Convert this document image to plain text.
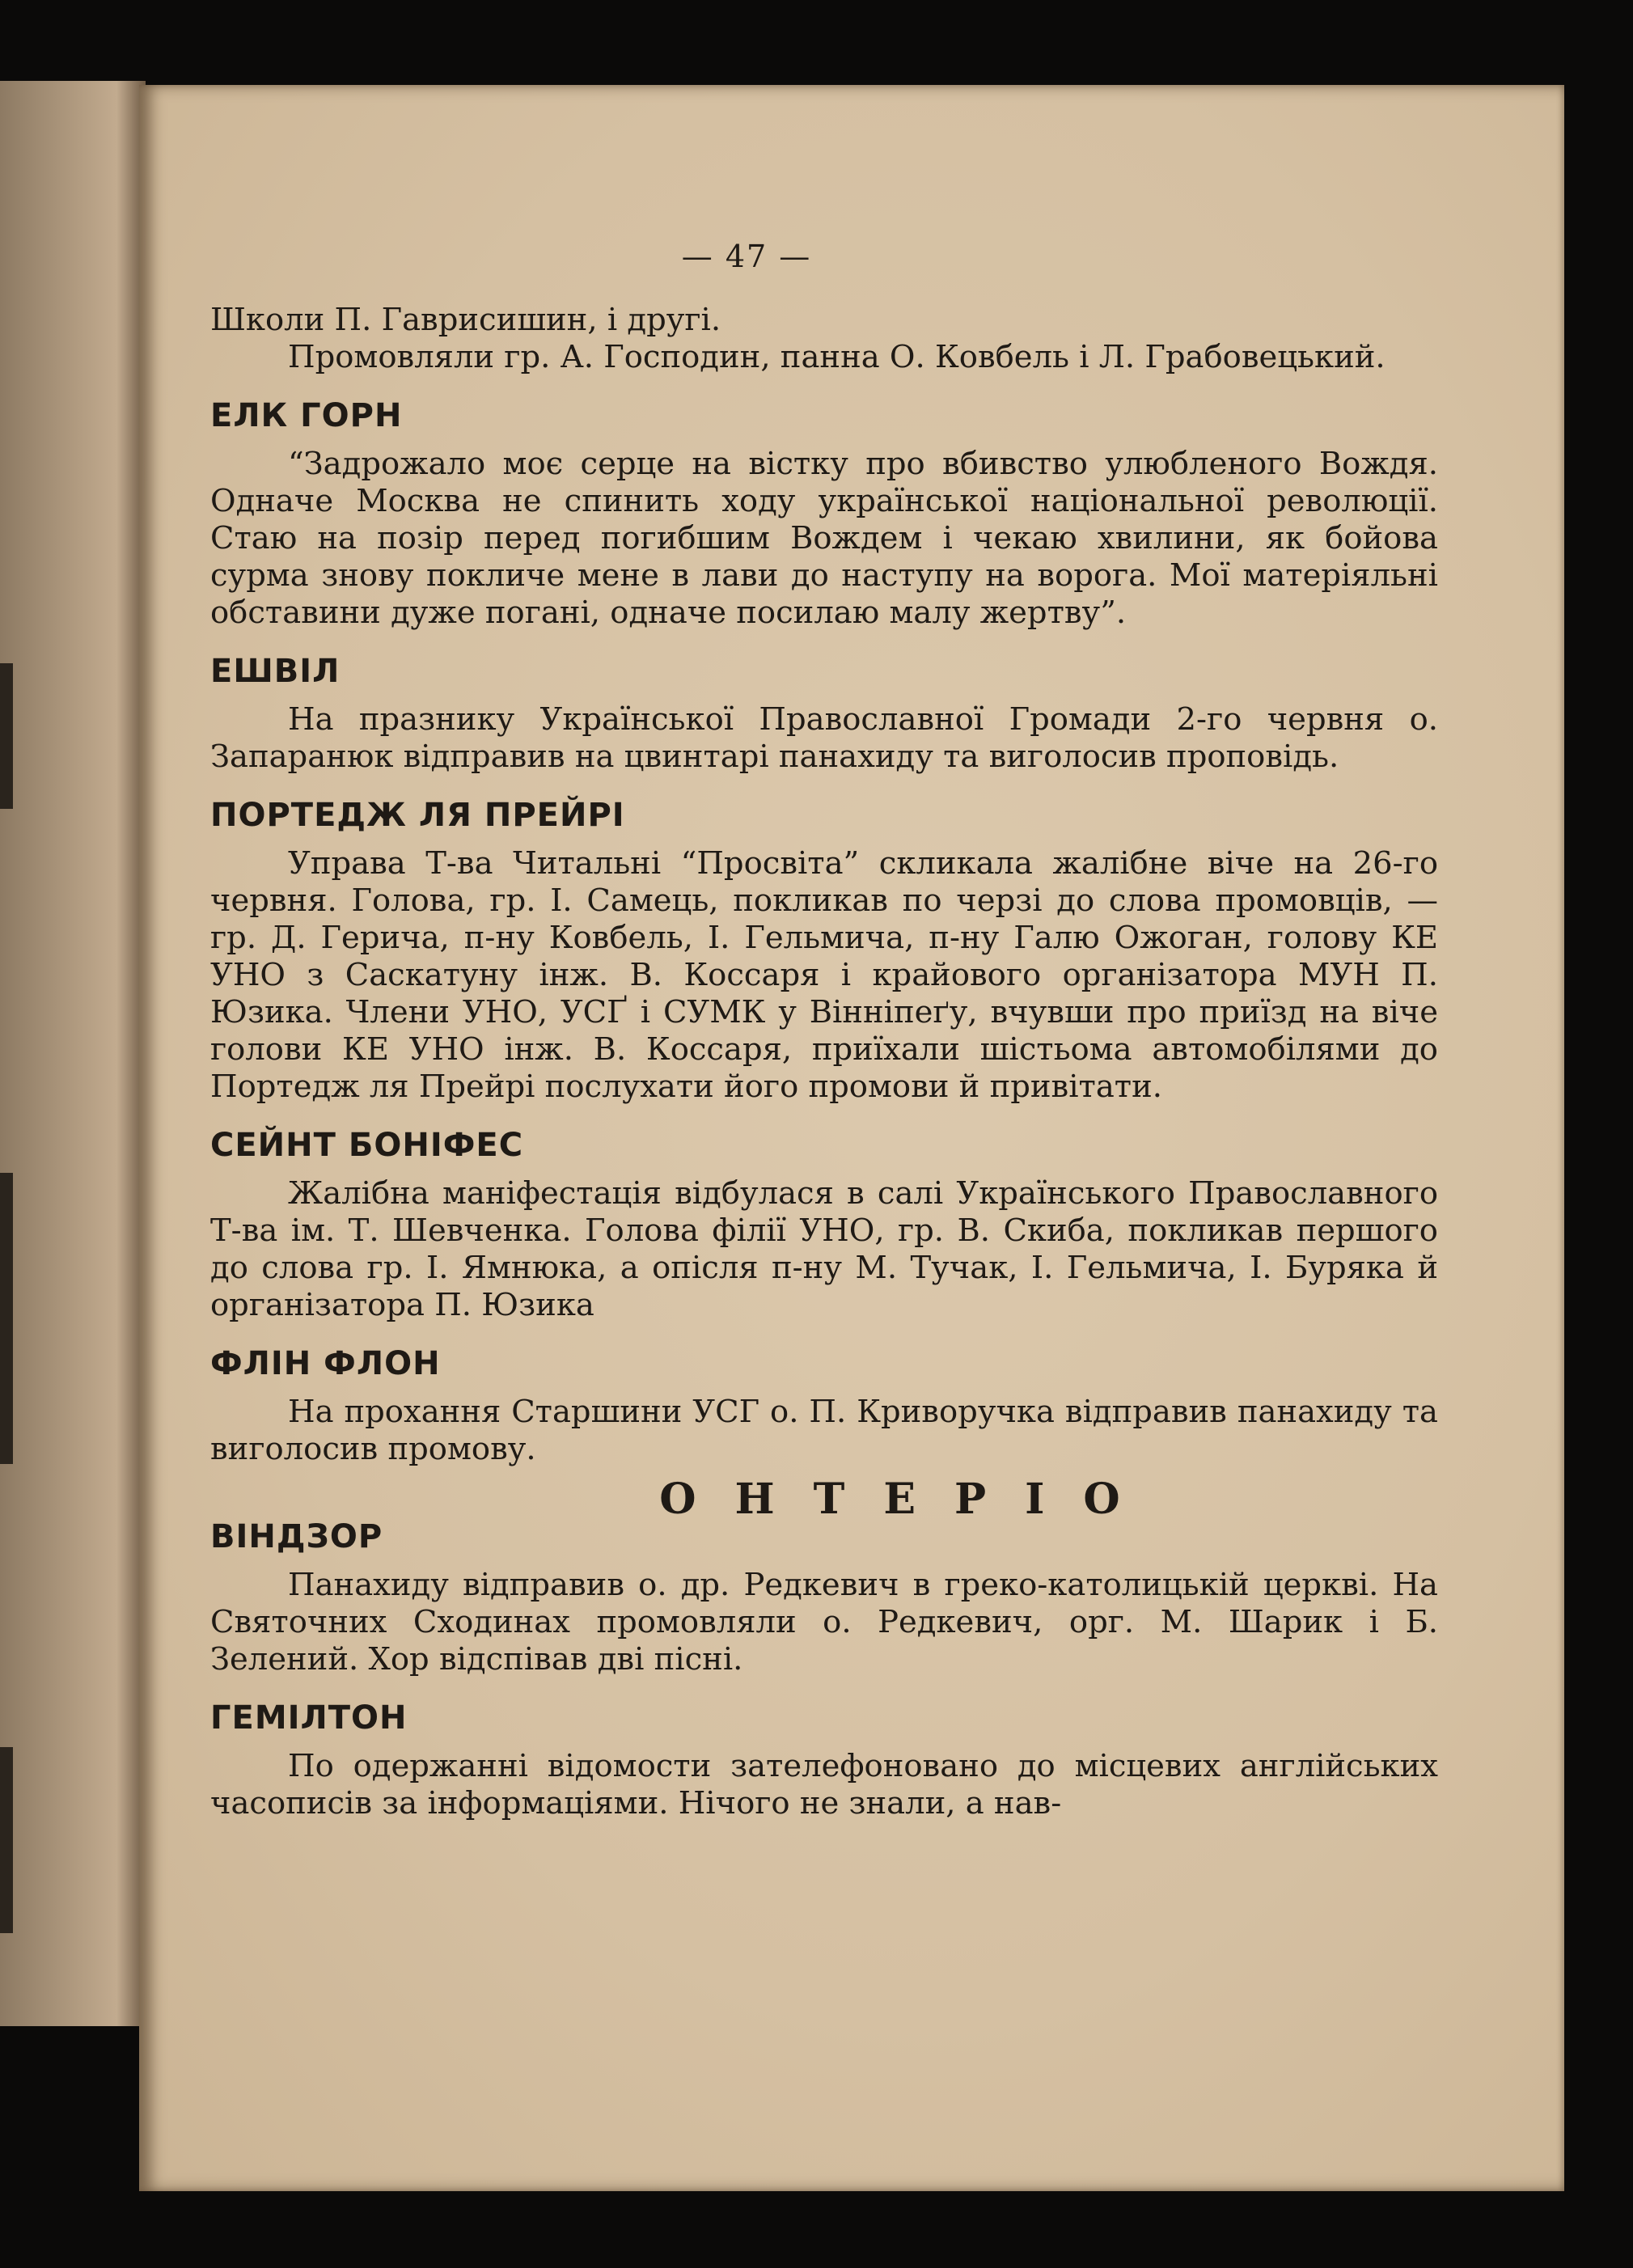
— 47 —

Школи П. Гаврисишин, і другі.

Промовляли гр. А. Господин, панна О. Ковбель і Л. Грабовецький.

ЕЛК ГОРН

“Задрожало моє серце на вістку про вбивство улюбленого Вождя. Одначе Москва не спинить ходу української національної революції. Стаю на позір перед погибшим Вождем і чекаю хвилини, як бойова сурма знову покличе мене в лави до наступу на ворога. Мої матеріяльні обставини дуже погані, одначе посилаю малу жертву”.

ЕШВІЛ

На празнику Української Православної Громади 2-го червня о. Запаранюк відправив на цвинтарі панахиду та виголосив проповідь.

ПОРТЕДЖ ЛЯ ПРЕЙРІ

Управа Т-ва Читальні “Просвіта” скликала жалібне віче на 26-го червня. Голова, гр. І. Самець, покликав по черзі до слова промовців, — гр. Д. Герича, п-ну Ковбель, І. Гельмича, п-ну Галю Ожоган, голову КЕ УНО з Саскатуну інж. В. Коссаря і крайового організатора МУН П. Юзика. Члени УНО, УСҐ і СУМК у Вінніпеґу, вчувши про приїзд на віче голови КЕ УНО інж. В. Коссаря, приїхали шістьома автомобілями до Портедж ля Прейрі послухати його промови й привітати.

СЕЙНТ БОНІФЕС

Жалібна маніфестація відбулася в салі Українського Православного Т-ва ім. Т. Шевченка. Голова філії УНО, гр. В. Скиба, покликав першого до слова гр. І. Ямнюка, а опісля п-ну М. Тучак, І. Гельмича, І. Буряка й організатора П. Юзика

ФЛІН ФЛОН

На прохання Старшини УСГ о. П. Криворучка відправив панахиду та виголосив промову.

ОНТЕРІО
ВІНДЗОР

Панахиду відправив о. др. Редкевич в греко-католицькій церкві. На Святочних Сходинах промовляли о. Редкевич, орг. М. Шарик і Б. Зелений. Хор відспівав дві пісні.

ГЕМІЛТОН

По одержанні відомости зателефоновано до місцевих англійських часописів за інформаціями. Нічого не знали, а нав-
